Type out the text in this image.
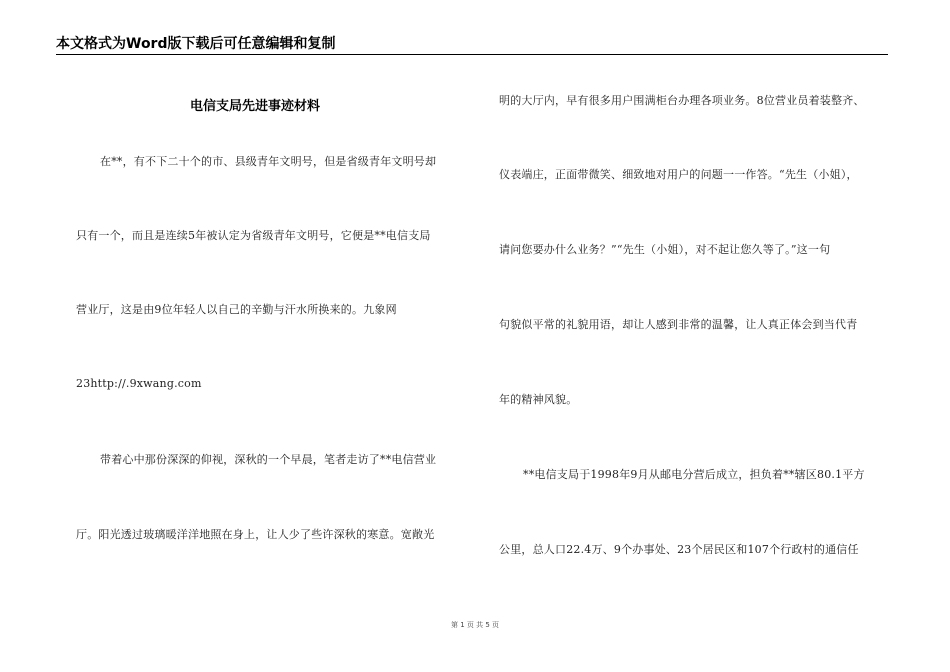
本文格式为Word版下载后可任意编辑和复制
电信支局先进事迹材料
在**，有不下二十个的市、县级青年文明号，但是省级青年文明号却
只有一个，而且是连续5年被认定为省级青年文明号，它便是**电信支局
营业厅，这是由9位年轻人以自己的辛勤与汗水所换来的。九象网
23http://.9xwang.com
带着心中那份深深的仰视，深秋的一个早晨，笔者走访了**电信营业
厅。阳光透过玻璃暖洋洋地照在身上，让人少了些许深秋的寒意。宽敞光
明的大厅内，早有很多用户围满柜台办理各项业务。8位营业员着装整齐、
仪表端庄，正面带微笑、细致地对用户的问题一一作答。“先生（小姐），
请问您要办什么业务？”“先生（小姐），对不起让您久等了。”这一句
句貌似平常的礼貌用语，却让人感到非常的温馨，让人真正体会到当代青
年的精神风貌。
**电信支局于1998年9月从邮电分营后成立，担负着**辖区80.1平方
公里，总人口22.4万、9个办事处、23个居民区和107个行政村的通信任
第 1 页 共 5 页
